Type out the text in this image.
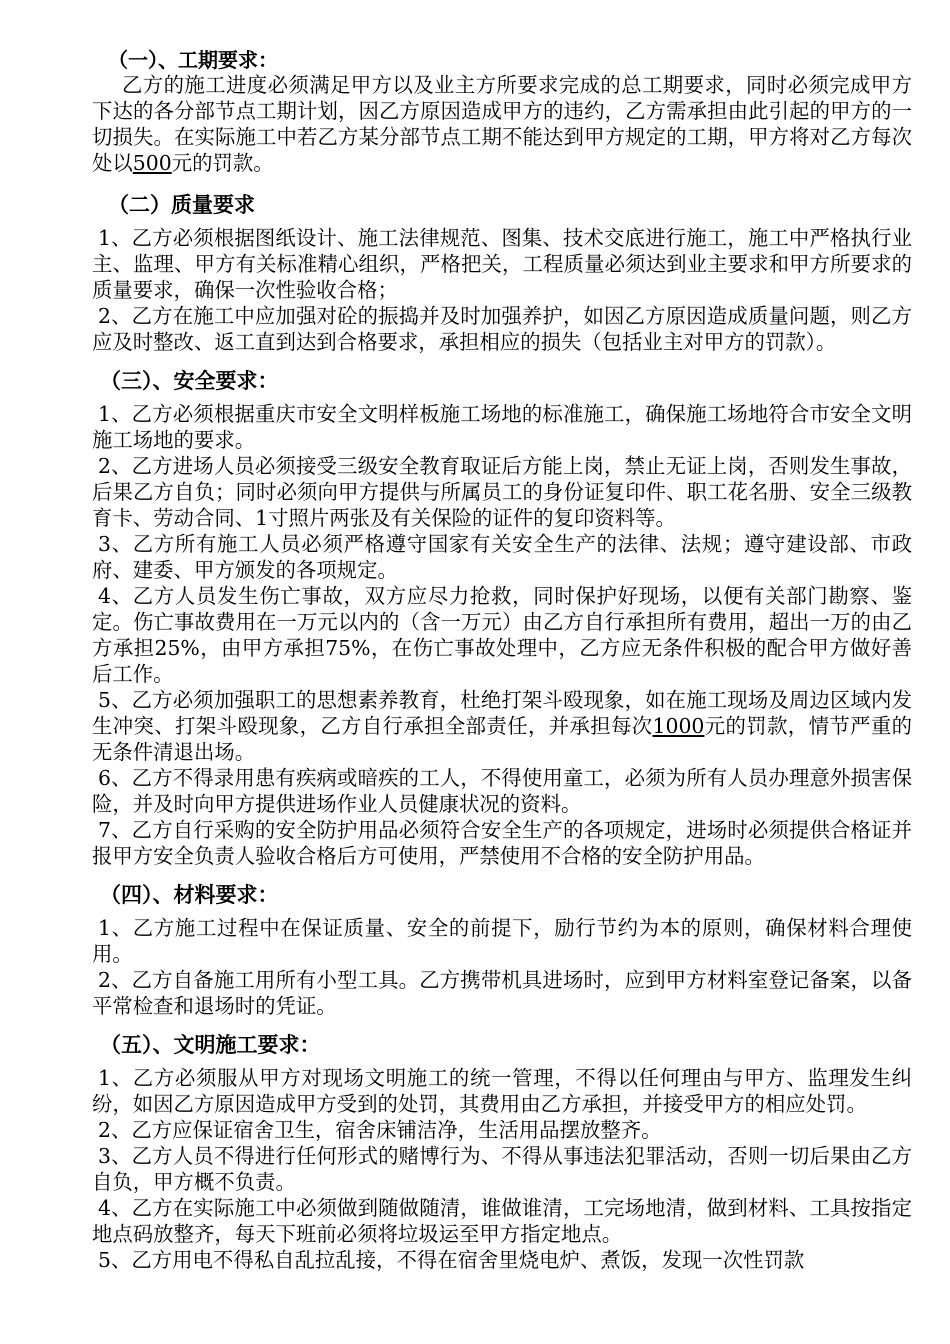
（一）、工期要求：

乙方的施工进度必须满足甲方以及业主方所要求完成的总工期要求，同时必须完成甲方下达的各分部节点工期计划，因乙方原因造成甲方的违约，乙方需承担由此引起的甲方的一切损失。在实际施工中若乙方某分部节点工期不能达到甲方规定的工期，甲方将对乙方每次处以500元的罚款。

（二）质量要求

1、乙方必须根据图纸设计、施工法律规范、图集、技术交底进行施工，施工中严格执行业主、监理、甲方有关标准精心组织，严格把关，工程质量必须达到业主要求和甲方所要求的质量要求，确保一次性验收合格；

2、乙方在施工中应加强对砼的振捣并及时加强养护，如因乙方原因造成质量问题，则乙方应及时整改、返工直到达到合格要求，承担相应的损失（包括业主对甲方的罚款）。

（三）、安全要求：

1、乙方必须根据重庆市安全文明样板施工场地的标准施工，确保施工场地符合市安全文明施工场地的要求。

2、乙方进场人员必须接受三级安全教育取证后方能上岗，禁止无证上岗，否则发生事故，后果乙方自负；同时必须向甲方提供与所属员工的身份证复印件、职工花名册、安全三级教育卡、劳动合同、1寸照片两张及有关保险的证件的复印资料等。

3、乙方所有施工人员必须严格遵守国家有关安全生产的法律、法规；遵守建设部、市政府、建委、甲方颁发的各项规定。

4、乙方人员发生伤亡事故，双方应尽力抢救，同时保护好现场，以便有关部门勘察、鉴定。伤亡事故费用在一万元以内的（含一万元）由乙方自行承担所有费用，超出一万的由乙方承担25%，由甲方承担75%，在伤亡事故处理中，乙方应无条件积极的配合甲方做好善后工作。

5、乙方必须加强职工的思想素养教育，杜绝打架斗殴现象，如在施工现场及周边区域内发生冲突、打架斗殴现象，乙方自行承担全部责任，并承担每次1000元的罚款，情节严重的无条件清退出场。

6、乙方不得录用患有疾病或暗疾的工人，不得使用童工，必须为所有人员办理意外损害保险，并及时向甲方提供进场作业人员健康状况的资料。

7、乙方自行采购的安全防护用品必须符合安全生产的各项规定，进场时必须提供合格证并报甲方安全负责人验收合格后方可使用，严禁使用不合格的安全防护用品。

（四）、材料要求：

1、乙方施工过程中在保证质量、安全的前提下，励行节约为本的原则，确保材料合理使用。

2、乙方自备施工用所有小型工具。乙方携带机具进场时，应到甲方材料室登记备案，以备平常检查和退场时的凭证。

（五）、文明施工要求：

1、乙方必须服从甲方对现场文明施工的统一管理，不得以任何理由与甲方、监理发生纠纷，如因乙方原因造成甲方受到的处罚，其费用由乙方承担，并接受甲方的相应处罚。

2、乙方应保证宿舍卫生，宿舍床铺洁净，生活用品摆放整齐。

3、乙方人员不得进行任何形式的赌博行为、不得从事违法犯罪活动，否则一切后果由乙方自负，甲方概不负责。

4、乙方在实际施工中必须做到随做随清，谁做谁清，工完场地清，做到材料、工具按指定地点码放整齐，每天下班前必须将垃圾运至甲方指定地点。

5、乙方用电不得私自乱拉乱接，不得在宿舍里烧电炉、煮饭，发现一次性罚款
